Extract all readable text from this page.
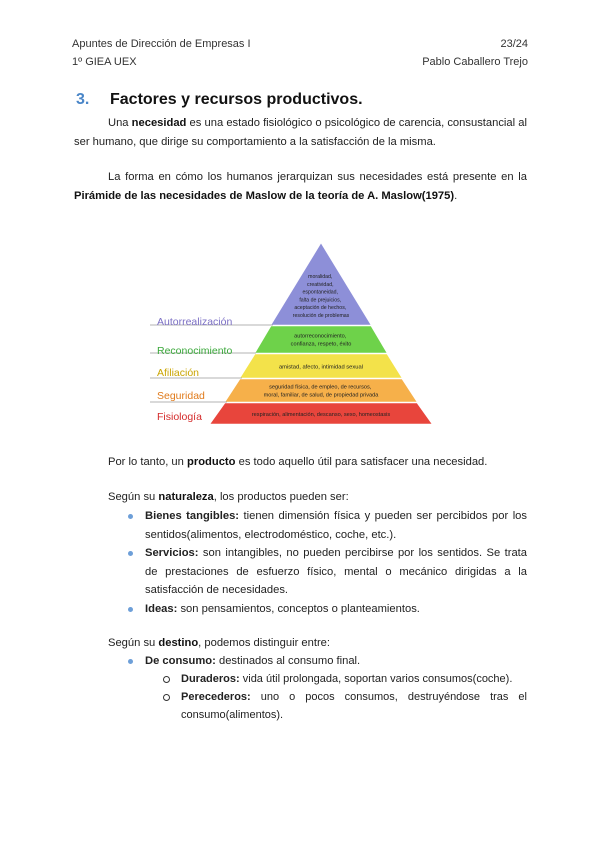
Apuntes de Dirección de Empresas I	23/24
1º GIEA UEX	Pablo Caballero Trejo
3. Factores y recursos productivos.
Una necesidad es una estado fisiológico o psicológico de carencia, consustancial al ser humano, que dirige su comportamiento a la satisfacción de la misma.
La forma en cómo los humanos jerarquizan sus necesidades está presente en la Pirámide de las necesidades de Maslow de la teoría de A. Maslow(1975).
Autorrealización
moralidad, creatividad, espontaneidad, falta de prejuicios, aceptación de hechos, resolución de problemas
Reconocimiento
autorreconocimiento, confianza, respeto, éxito
Afiliación	amistad, afecto, intimidad sexual
Seguridad
seguridad física, de empleo, de recursos, moral, familiar, de salud, de propiedad privada
Fisiología	respiración, alimentación, descanso, sexo, homeostasis
Por lo tanto, un producto es todo aquello útil para satisfacer una necesidad.
Según su naturaleza, los productos pueden ser:
Bienes tangibles: tienen dimensión física y pueden ser percibidos por los sentidos(alimentos, electrodoméstico, coche, etc.).
Servicios: son intangibles, no pueden percibirse por los sentidos. Se trata de prestaciones de esfuerzo físico, mental o mecánico dirigidas a la satisfacción de necesidades.
Ideas: son pensamientos, conceptos o planteamientos.
Según su destino, podemos distinguir entre:
De consumo: destinados al consumo final.
Duraderos: vida útil prolongada, soportan varios consumos(coche).
Perecederos: uno o pocos consumos, destruyéndose tras el consumo(alimentos).
